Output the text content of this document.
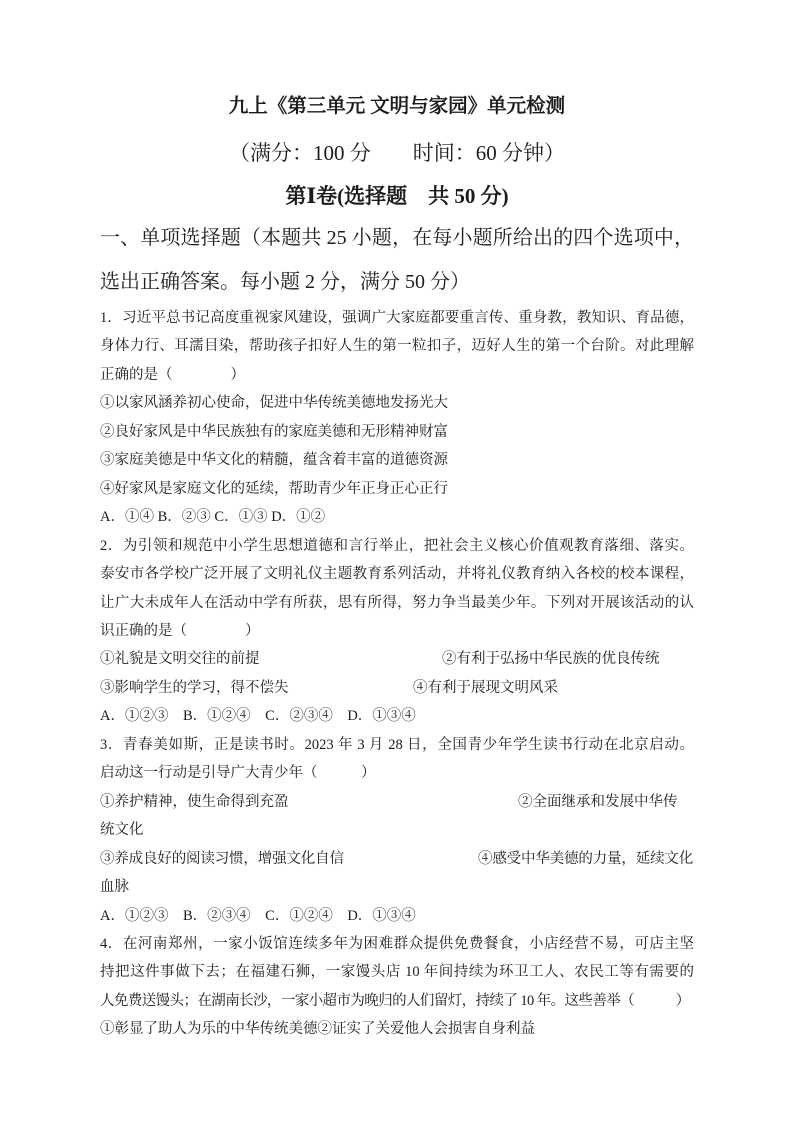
九上《第三单元 文明与家园》单元检测
（满分：100 分　　时间：60 分钟）
第Ⅰ卷(选择题　共 50 分)
一、单项选择题（本题共 25 小题，在每小题所给出的四个选项中，
选出正确答案。每小题 2 分，满分 50 分）
1．习近平总书记高度重视家风建设，强调广大家庭都要重言传、重身教，教知识、育品德，
身体力行、耳濡目染，帮助孩子扣好人生的第一粒扣子，迈好人生的第一个台阶。对此理解
正确的是（　　　　）
①以家风涵养初心使命，促进中华传统美德地发扬光大
②良好家风是中华民族独有的家庭美德和无形精神财富
③家庭美德是中华文化的精髓，蕴含着丰富的道德资源
④好家风是家庭文化的延续，帮助青少年正身正心正行
A．①④ B．②③ C．①③ D．①②
2．为引领和规范中小学生思想道德和言行举止，把社会主义核心价值观教育落细、落实。
泰安市各学校广泛开展了文明礼仪主题教育系列活动，并将礼仪教育纳入各校的校本课程，
让广大未成年人在活动中学有所获，思有所得，努力争当最美少年。下列对开展该活动的认
识正确的是（　　　　）
①礼貌是文明交往的前提	②有利于弘扬中华民族的优良传统
③影响学生的学习，得不偿失	④有利于展现文明风采
A．①②③　B．①②④　C．②③④　D．①③④
3．青春美如斯，正是读书时。2023 年 3 月 28 日，全国青少年学生读书行动在北京启动。
启动这一行动是引导广大青少年（　　　）
①养护精神，使生命得到充盈	②全面继承和发展中华传
统文化
③养成良好的阅读习惯，增强文化自信	④感受中华美德的力量，延续文化
血脉
A．①②③　B．②③④　C．①②④　D．①③④
4．在河南郑州，一家小饭馆连续多年为困难群众提供免费餐食，小店经营不易，可店主坚
持把这件事做下去；在福建石狮，一家馒头店 10 年间持续为环卫工人、农民工等有需要的
人免费送馒头；在湖南长沙，一家小超市为晚归的人们留灯，持续了 10 年。这些善举（　　　）
①彰显了助人为乐的中华传统美德②证实了关爱他人会损害自身利益
